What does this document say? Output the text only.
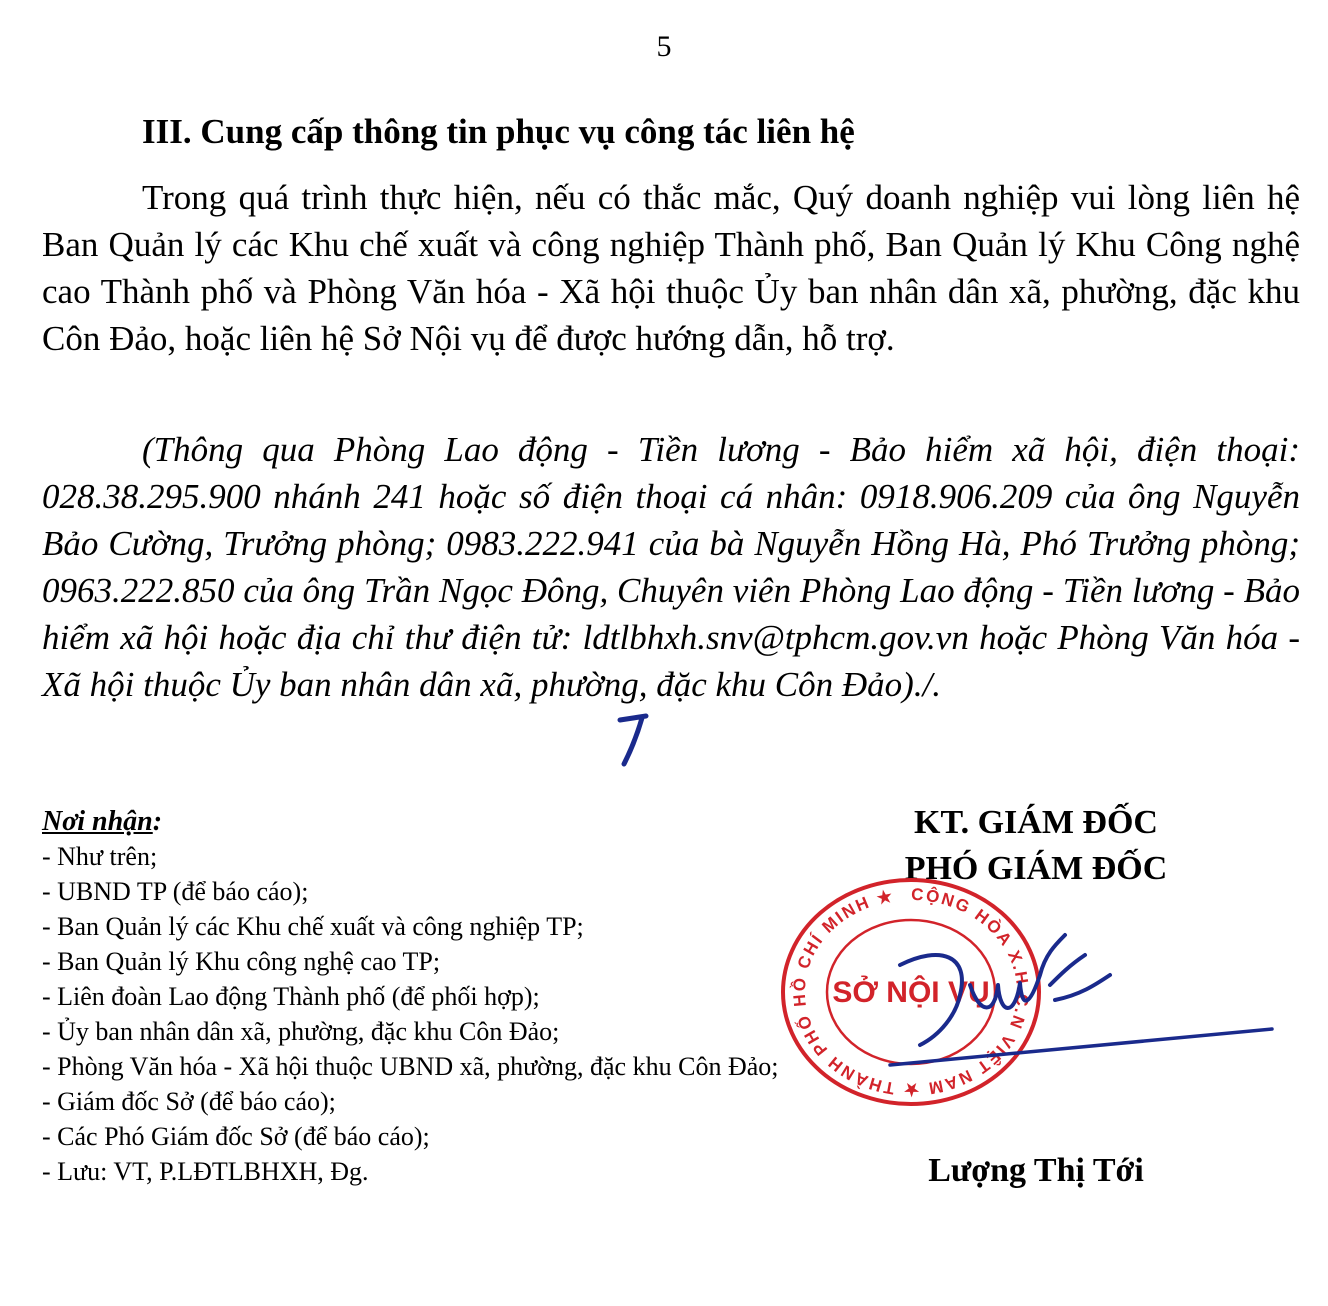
5
III. Cung cấp thông tin phục vụ công tác liên hệ

Trong quá trình thực hiện, nếu có thắc mắc, Quý doanh nghiệp vui lòng liên hệ Ban Quản lý các Khu chế xuất và công nghiệp Thành phố, Ban Quản lý Khu Công nghệ cao Thành phố và Phòng Văn hóa - Xã hội thuộc Ủy ban nhân dân xã, phường, đặc khu Côn Đảo, hoặc liên hệ Sở Nội vụ để được hướng dẫn, hỗ trợ.

(Thông qua Phòng Lao động - Tiền lương - Bảo hiểm xã hội, điện thoại: 028.38.295.900 nhánh 241 hoặc số điện thoại cá nhân: 0918.906.209 của ông Nguyễn Bảo Cường, Trưởng phòng; 0983.222.941 của bà Nguyễn Hồng Hà, Phó Trưởng phòng; 0963.222.850 của ông Trần Ngọc Đông, Chuyên viên Phòng Lao động - Tiền lương - Bảo hiểm xã hội hoặc địa chỉ thư điện tử: ldtlbhxh.snv@tphcm.gov.vn hoặc Phòng Văn hóa - Xã hội thuộc Ủy ban nhân dân xã, phường, đặc khu Côn Đảo)./.

Nơi nhận:

- Như trên;
- UBND TP (để báo cáo);
- Ban Quản lý các Khu chế xuất và công nghiệp TP;
- Ban Quản lý Khu công nghệ cao TP;
- Liên đoàn Lao động Thành phố (để phối hợp);
- Ủy ban nhân dân xã, phường, đặc khu Côn Đảo;
- Phòng Văn hóa - Xã hội thuộc UBND xã, phường, đặc khu Côn Đảo;
- Giám đốc Sở (để báo cáo);
- Các Phó Giám đốc Sở (để báo cáo);
- Lưu: VT, P.LĐTLBHXH, Đg.
KT. GIÁM ĐỐC
PHÓ GIÁM ĐỐC
CỘNG HÒA X.H.C.N VIỆT NAM ★ THÀNH PHỐ HỒ CHÍ MINH ★
SỞ NỘI VỤ
Lượng Thị Tới
